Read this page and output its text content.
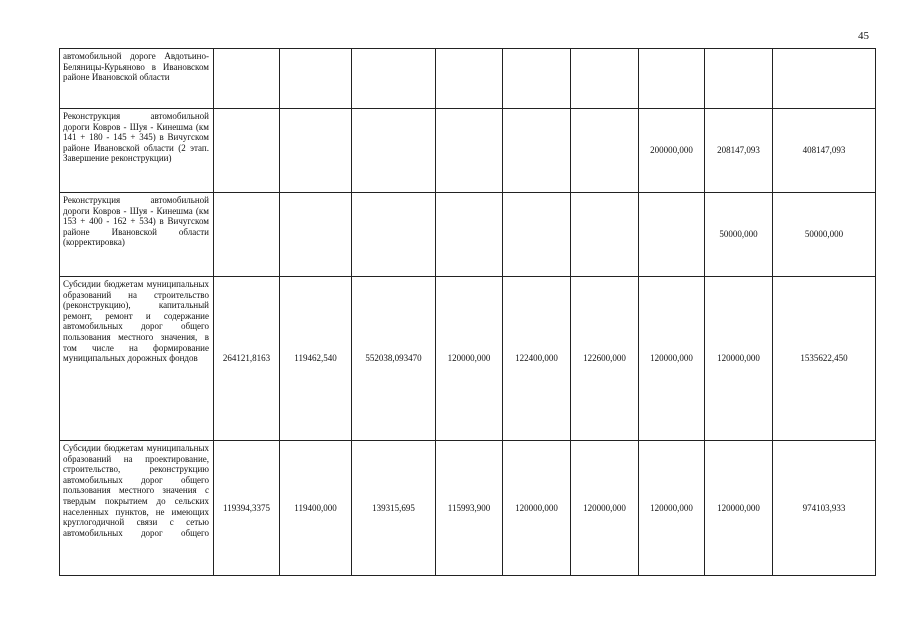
45
автомобильной дороге Авдотьино-Беляницы-Курьяново в Ивановском районе Ивановской области									

Реконструкция автомобильной дороги Ковров - Шуя - Кинешма (км 141 + 180 - 145 + 345) в Вичугском районе Ивановской области (2 этап. Завершение реконструкции)							200000,000	208147,093	408147,093

Реконструкция автомобильной дороги Ковров - Шуя - Кинешма (км 153 + 400 - 162 + 534) в Вичугском районе Ивановской области (корректировка)								50000,000	50000,000

Субсидии бюджетам муниципальных образований на строительство (реконструкцию), капитальный ремонт, ремонт и содержание автомобильных дорог общего пользования местного значения, в том числе на формирование муниципальных дорожных фондов	264121,8163	119462,540	552038,093470	120000,000	122400,000	122600,000	120000,000	120000,000	1535622,450

Субсидии бюджетам муниципальных образований на проектирование, строительство, реконструкцию автомобильных дорог общего пользования местного значения с твердым покрытием до сельских населенных пунктов, не имеющих круглогодичной связи с сетью автомобильных дорог общего	119394,3375	119400,000	139315,695	115993,900	120000,000	120000,000	120000,000	120000,000	974103,933
